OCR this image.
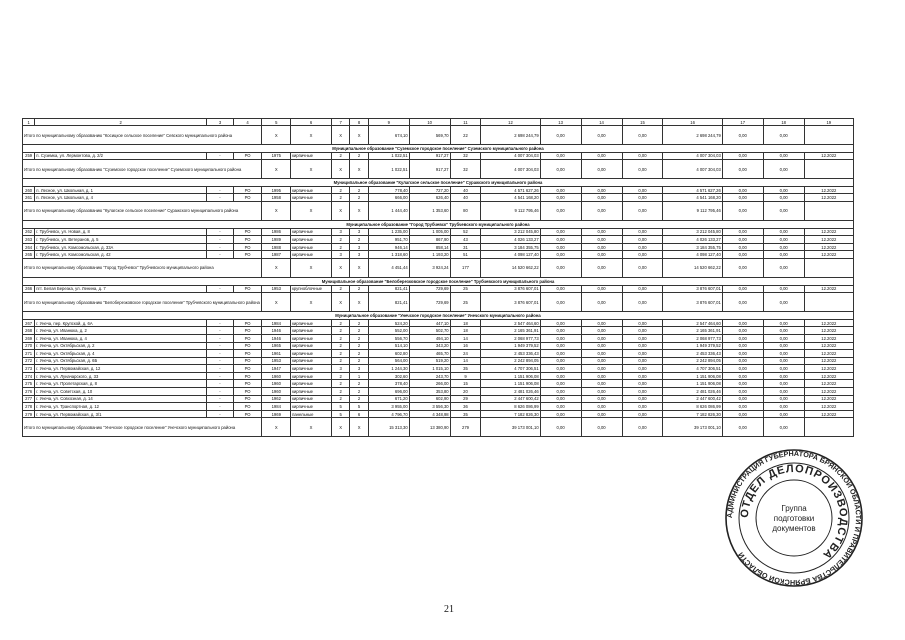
1	2	3	4	5	6	7	8	9	10	11	12	13	14	15	16	17	18	19
Итого по муниципальному образованию "Косицкое сельское поселение" Севского муниципального района				X	X	X	X	674,10	569,70	22	2 698 244,79	0,00	0,00	0,00	2 698 244,79	0,00	0,00	
Муниципальное образование "Суземское городское поселение" Суземского муниципального района																		
259	п. Суземка, ул. Лермонтова, д. 2/2	-	РО	1975	кирпичные	2	2	1 022,51	917,27	32	4 007 304,03	0,00	0,00	0,00	4 007 304,03	0,00	0,00	12.2022
Итого по муниципальному образованию "Суземское городское поселение" Суземского муниципального района				X	X	X	X	1 022,51	917,27	32	4 007 304,03	0,00	0,00	0,00	4 007 304,03	0,00	0,00	
Муниципальное образование "Кулагское сельское поселение" Суражского муниципального района																		
260	п. Лесное, ул. Школьная, д. 1	-	РО	1995	кирпичные	2	2	778,40	727,20	40	4 571 627,26	0,00	0,00	0,00	4 571 627,26	0,00	0,00	12.2022
261	п. Лесное, ул. Школьная, д. 4	-	РО	1958	кирпичные	2	2	666,00	626,40	40	4 541 168,20	0,00	0,00	0,00	4 541 168,20	0,00	0,00	12.2022
Итого по муниципальному образованию "Кулагское сельское поселение" Суражского муниципального района				X	X	X	X	1 444,40	1 353,60	80	9 112 795,46	0,00	0,00	0,00	9 112 795,46	0,00	0,00	
Муниципальное образование "Город Трубчевск" Трубчевского муниципального района																		
262	г. Трубчевск, ул. Новая, д. 8	-	РО	1986	кирпичные	3	3	1 235,00	1 005,00	52	3 212 045,80	0,00	0,00	0,00	3 212 045,80	0,00	0,00	12.2022
263	г. Трубчевск, ул. Ветеранов, д. 5	-	РО	1989	кирпичные	2	2	951,70	867,90	43	4 026 133,27	0,00	0,00	0,00	4 026 133,27	0,00	0,00	12.2022
264	г. Трубчевск, ул. Комсомольская, д. 33А	-	РО	1988	кирпичные	2	3	946,14	858,14	31	3 184 355,75	0,00	0,00	0,00	3 184 355,75	0,00	0,00	12.2022
265	г. Трубчевск, ул. Комсомольская, д. 42	-	РО	1987	кирпичные	3	3	1 318,60	1 193,20	51	4 098 127,40	0,00	0,00	0,00	4 098 127,40	0,00	0,00	12.2022
Итого по муниципальному образованию "Город Трубчевск" Трубчевского муниципального района				X	X	X	X	4 451,44	3 924,24	177	14 520 662,22	0,00	0,00	0,00	14 520 662,22	0,00	0,00	
Муниципальное образование "Белоберезковское городское поселение" Трубчевского муниципального района																		
266	пгт. Белая Березка, ул. Ленина, д. 7	-	РО	1953	крупноблочные	2	2	821,41	729,69	25	3 876 607,01	0,00	0,00	0,00	3 876 607,01	0,00	0,00	12.2022
Итого по муниципальному образованию "Белоберезковское городское поселение" Трубчевского муниципального района				X	X	X	X	821,41	729,69	25	3 876 607,01	0,00	0,00	0,00	3 876 607,01	0,00	0,00	
Муниципальное образование "Унечское городское поселение" Унечского муниципального района																		
267	г. Унеча, пер. Крупской, д. 6А	-	РО	1984	кирпичные	2	2	524,20	447,10	18	2 547 464,60	0,00	0,00	0,00	2 547 464,60	0,00	0,00	12.2022
268	г. Унеча, ул. Иванюка, д. 2	-	РО	1946	кирпичные	2	2	552,00	502,70	18	2 165 361,91	0,00	0,00	0,00	2 165 361,91	0,00	0,00	12.2022
269	г. Унеча, ул. Иванюка, д. 4	-	РО	1946	кирпичные	2	2	556,70	494,10	14	2 068 977,73	0,00	0,00	0,00	2 068 977,73	0,00	0,00	12.2022
270	г. Унеча, ул. Октябрьская, д. 2	-	РО	1965	кирпичные	2	2	514,10	343,20	16	1 949 379,52	0,00	0,00	0,00	1 949 379,52	0,00	0,00	12.2022
271	г. Унеча, ул. Октябрьская, д. 4	-	РО	1961	кирпичные	2	2	602,80	465,70	24	2 453 336,43	0,00	0,00	0,00	2 453 336,43	0,00	0,00	12.2022
272	г. Унеча, ул. Октябрьская, д. 6Б	-	РО	1953	кирпичные	2	2	564,00	519,20	14	2 242 894,05	0,00	0,00	0,00	2 242 894,05	0,00	0,00	12.2022
273	г. Унеча, ул. Первомайская, д. 12	-	РО	1947	кирпичные	3	3	1 244,30	1 015,10	35	4 707 306,51	0,00	0,00	0,00	4 707 306,51	0,00	0,00	12.2022
274	г. Унеча, ул. Луначарского, д. 33	-	РО	1960	кирпичные	2	1	302,60	243,70	9	1 151 906,08	0,00	0,00	0,00	1 151 906,08	0,00	0,00	12.2022
275	г. Унеча, ул. Пролетарская, д. 8	-	РО	1960	кирпичные	2	2	378,40	266,00	15	1 151 906,08	0,00	0,00	0,00	1 151 906,08	0,00	0,00	12.2022
276	г. Унеча, ул. Советская, д. 10	-	РО	1960	кирпичные	2	2	696,00	353,80	20	2 481 026,46	0,00	0,00	0,00	2 481 026,46	0,00	0,00	12.2022
277	г. Унеча, ул. Совхозная, д. 14	-	РО	1962	кирпичные	2	2	671,20	602,90	29	2 447 600,42	0,00	0,00	0,00	2 447 600,42	0,00	0,00	12.2022
278	г. Унеча, ул. Транспортная, д. 12	-	РО	1984	кирпичные	5	5	3 955,00	3 556,30	36	8 626 086,99	0,00	0,00	0,00	8 626 086,99	0,00	0,00	12.2022
279	г. Унеча, ул. Первомайская, д. 3/1	-	РО	1969	панельные	5	6	4 796,70	4 348,98	35	7 182 826,30	0,00	0,00	0,00	7 182 826,30	0,00	0,00	12.2022
Итого по муниципальному образованию "Унечское городское поселение" Унечского муниципального района				X	X	X	X	15 313,30	13 380,90	279	39 173 001,10	0,00	0,00	0,00	39 173 001,10	0,00	0,00	
АДМИНИСТРАЦИЯ ГУБЕРНАТОРА БРЯНСКОЙ ОБЛАСТИ И ПРАВИТЕЛЬСТВА БРЯНСКОЙ ОБЛАСТИ
ОТДЕЛ ДЕЛОПРОИЗВОДСТВА
Группа
подготовки
документов
21
